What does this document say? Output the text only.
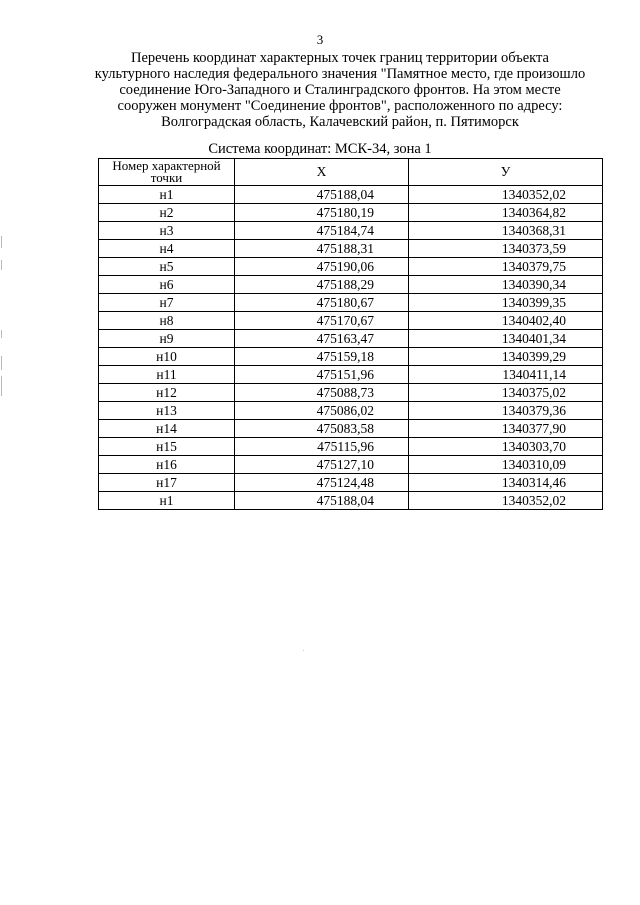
3
Перечень координат характерных точек границ территории объекта
культурного наследия федерального значения "Памятное место, где произошло
соединение Юго-Западного и Сталинградского фронтов. На этом месте
сооружен монумент "Соединение фронтов", расположенного по адресу:
Волгоградская область, Калачевский район, п. Пятиморск
Система координат: МСК-34, зона 1
Номер характерной точки	X	У
н1	475188,04	1340352,02
н2	475180,19	1340364,82
н3	475184,74	1340368,31
н4	475188,31	1340373,59
н5	475190,06	1340379,75
н6	475188,29	1340390,34
н7	475180,67	1340399,35
н8	475170,67	1340402,40
н9	475163,47	1340401,34
н10	475159,18	1340399,29
н11	475151,96	1340411,14
н12	475088,73	1340375,02
н13	475086,02	1340379,36
н14	475083,58	1340377,90
н15	475115,96	1340303,70
н16	475127,10	1340310,09
н17	475124,48	1340314,46
н1	475188,04	1340352,02
